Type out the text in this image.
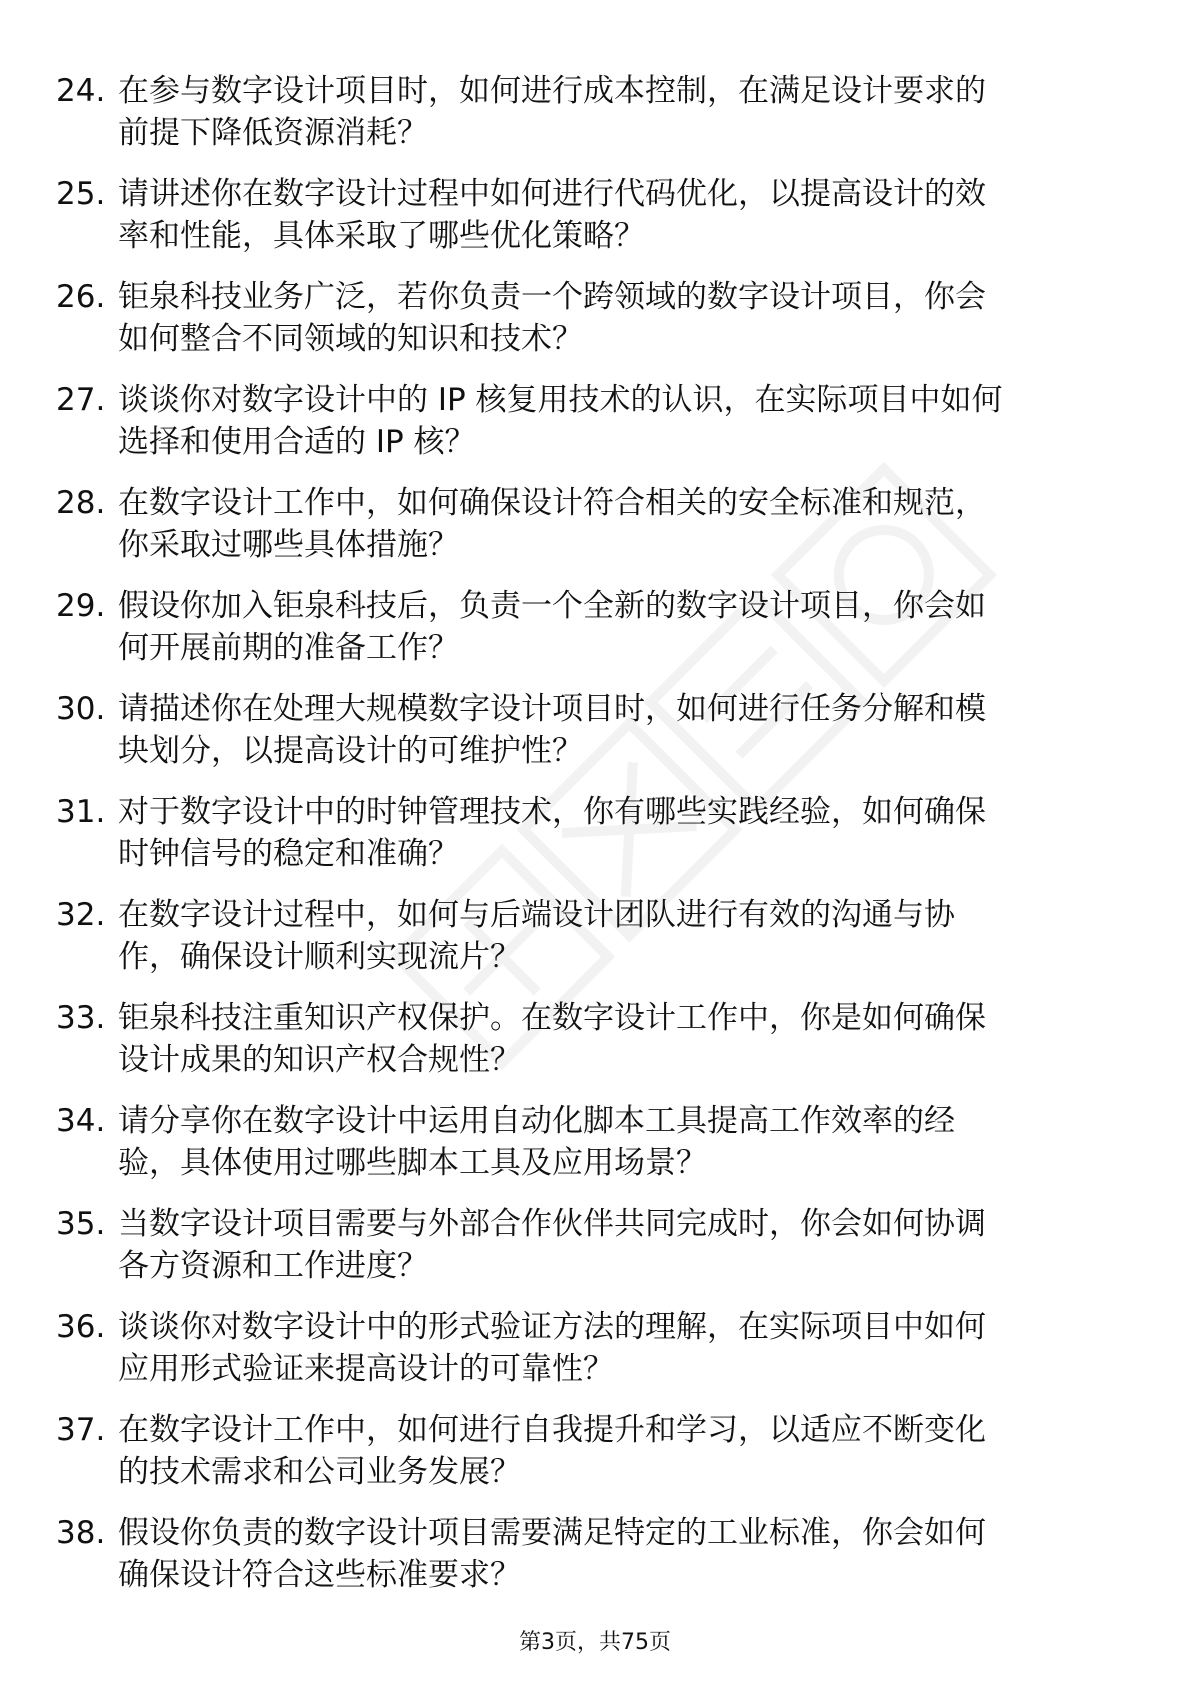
24. 在参与数字设计项目时，如何进行成本控制，在满足设计要求的
前提下降低资源消耗？
25. 请讲述你在数字设计过程中如何进行代码优化，以提高设计的效
率和性能，具体采取了哪些优化策略？
26. 钜泉科技业务广泛，若你负责一个跨领域的数字设计项目，你会
如何整合不同领域的知识和技术？
27. 谈谈你对数字设计中的 IP 核复用技术的认识，在实际项目中如何
选择和使用合适的 IP 核？
28. 在数字设计工作中，如何确保设计符合相关的安全标准和规范，
你采取过哪些具体措施？
29. 假设你加入钜泉科技后，负责一个全新的数字设计项目，你会如
何开展前期的准备工作？
30. 请描述你在处理大规模数字设计项目时，如何进行任务分解和模
块划分，以提高设计的可维护性？
31. 对于数字设计中的时钟管理技术，你有哪些实践经验，如何确保
时钟信号的稳定和准确？
32. 在数字设计过程中，如何与后端设计团队进行有效的沟通与协
作，确保设计顺利实现流片？
33. 钜泉科技注重知识产权保护。在数字设计工作中，你是如何确保
设计成果的知识产权合规性？
34. 请分享你在数字设计中运用自动化脚本工具提高工作效率的经
验，具体使用过哪些脚本工具及应用场景？
35. 当数字设计项目需要与外部合作伙伴共同完成时，你会如何协调
各方资源和工作进度？
36. 谈谈你对数字设计中的形式验证方法的理解，在实际项目中如何
应用形式验证来提高设计的可靠性？
37. 在数字设计工作中，如何进行自我提升和学习，以适应不断变化
的技术需求和公司业务发展？
38. 假设你负责的数字设计项目需要满足特定的工业标准，你会如何
确保设计符合这些标准要求？
第3页，共75页
